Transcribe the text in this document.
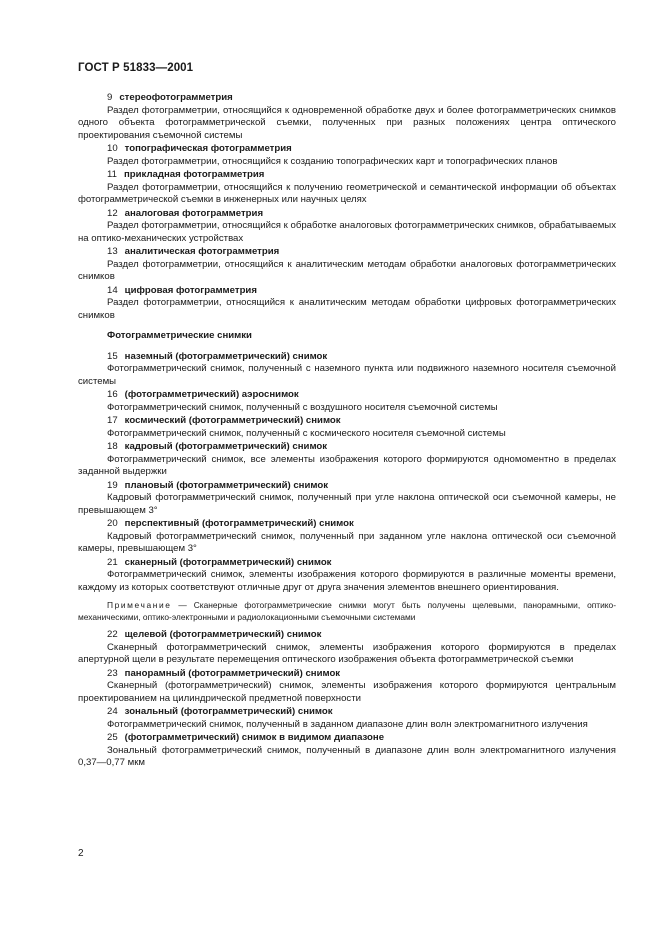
ГОСТ Р 51833—2001
9 стереофотограмметрия
Раздел фотограмметрии, относящийся к одновременной обработке двух и более фотограмметрических снимков одного объекта фотограмметрической съемки, полученных при разных положениях центра оптического проектирования съемочной системы
10 топографическая фотограмметрия
Раздел фотограмметрии, относящийся к созданию топографических карт и топографических планов
11 прикладная фотограмметрия
Раздел фотограмметрии, относящийся к получению геометрической и семантической информации об объектах фотограмметрической съемки в инженерных или научных целях
12 аналоговая фотограмметрия
Раздел фотограмметрии, относящийся к обработке аналоговых фотограмметрических снимков, обрабатываемых на оптико-механических устройствах
13 аналитическая фотограмметрия
Раздел фотограмметрии, относящийся к аналитическим методам обработки аналоговых фотограмметрических снимков
14 цифровая фотограмметрия
Раздел фотограмметрии, относящийся к аналитическим методам обработки цифровых фотограмметрических снимков
Фотограмметрические снимки
15 наземный (фотограмметрический) снимок
Фотограмметрический снимок, полученный с наземного пункта или подвижного наземного носителя съемочной системы
16 (фотограмметрический) аэроснимок
Фотограмметрический снимок, полученный с воздушного носителя съемочной системы
17 космический (фотограмметрический) снимок
Фотограмметрический снимок, полученный с космического носителя съемочной системы
18 кадровый (фотограмметрический) снимок
Фотограмметрический снимок, все элементы изображения которого формируются одномоментно в пределах заданной выдержки
19 плановый (фотограмметрический) снимок
Кадровый фотограмметрический снимок, полученный при угле наклона оптической оси съемочной камеры, не превышающем 3°
20 перспективный (фотограмметрический) снимок
Кадровый фотограмметрический снимок, полученный при заданном угле наклона оптической оси съемочной камеры, превышающем 3°
21 сканерный (фотограмметрический) снимок
Фотограмметрический снимок, элементы изображения которого формируются в различные моменты времени, каждому из которых соответствуют отличные друг от друга значения элементов внешнего ориентирования.
Примечание — Сканерные фотограмметрические снимки могут быть получены щелевыми, панорамными, оптико-механическими, оптико-электронными и радиолокационными съемочными системами
22 щелевой (фотограмметрический) снимок
Сканерный фотограмметрический снимок, элементы изображения которого формируются в пределах апертурной щели в результате перемещения оптического изображения объекта фотограмметрической съемки
23 панорамный (фотограмметрический) снимок
Сканерный (фотограмметрический) снимок, элементы изображения которого формируются центральным проектированием на цилиндрической предметной поверхности
24 зональный (фотограмметрический) снимок
Фотограмметрический снимок, полученный в заданном диапазоне длин волн электромагнитного излучения
25 (фотограмметрический) снимок в видимом диапазоне
Зональный фотограмметрический снимок, полученный в диапазоне длин волн электромагнитного излучения 0,37—0,77 мкм
2
